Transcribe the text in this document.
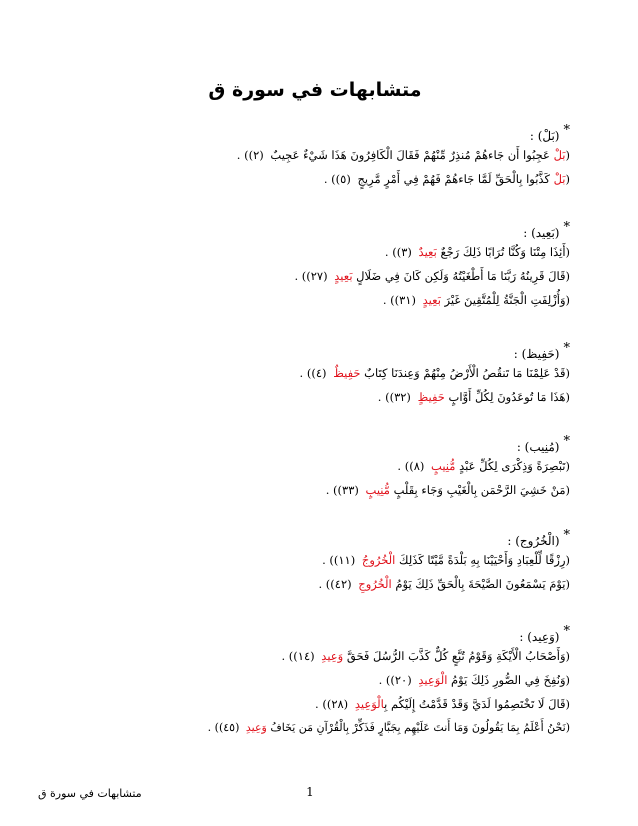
متشابهات في سورة ق
*(بَلْ) :
(بَلْ عَجِبُوا أَن جَاءهُمْ مُنذِرٌ مِّنْهُمْ فَقَالَ الْكَافِرُونَ هَذَا شَيْءٌ عَجِيبٌ (٢)) .
(بَلْ كَذَّبُوا بِالْحَقِّ لَمَّا جَاءهُمْ فَهُمْ فِي أَمْرٍ مَّرِيجٍ (٥)) .
*(بَعِيد) :
(أَئِذَا مِتْنَا وَكُنَّا تُرَابًا ذَلِكَ رَجْعٌ بَعِيدٌ (٣)) .
(قَالَ قَرِينُهُ رَبَّنَا مَا أَطْغَيْتُهُ وَلَكِن كَانَ فِي ضَلَالٍ بَعِيدٍ (٢٧)) .
(وَأُزْلِفَتِ الْجَنَّةُ لِلْمُتَّقِينَ غَيْرَ بَعِيدٍ (٣١)) .
*(حَفِيظ) :
(قَدْ عَلِمْنَا مَا تَنقُصُ الْأَرْضُ مِنْهُمْ وَعِندَنَا كِتَابٌ حَفِيظٌ (٤)) .
(هَذَا مَا تُوعَدُونَ لِكُلِّ أَوَّابٍ حَفِيظٍ (٣٢)) .
*(مُنِيب) :
(تَبْصِرَةً وَذِكْرَى لِكُلِّ عَبْدٍ مُّنِيبٍ (٨)) .
(مَنْ خَشِيَ الرَّحْمَن بِالْغَيْبِ وَجَاء بِقَلْبٍ مُّنِيبٍ (٣٣)) .
*(الْخُرُوج) :
(رِزْقًا لِّلْعِبَادِ وَأَحْيَيْنَا بِهِ بَلْدَةً مَّيْتًا كَذَلِكَ الْخُرُوجُ (١١)) .
(يَوْمَ يَسْمَعُونَ الصَّيْحَةَ بِالْحَقِّ ذَلِكَ يَوْمُ الْخُرُوجِ (٤٢)) .
*(وَعِيد) :
(وَأَصْحَابُ الْأَيْكَةِ وَقَوْمُ تُبَّعٍ كُلٌّ كَذَّبَ الرُّسُلَ فَحَقَّ وَعِيدِ (١٤)) .
(وَنُفِخَ فِي الصُّورِ ذَلِكَ يَوْمُ الْوَعِيدِ (٢٠)) .
(قَالَ لَا تَخْتَصِمُوا لَدَيَّ وَقَدْ قَدَّمْتُ إِلَيْكُم بِالْوَعِيدِ (٢٨)) .
(نَحْنُ أَعْلَمُ بِمَا يَقُولُونَ وَمَا أَنتَ عَلَيْهِم بِجَبَّارٍ فَذَكِّرْ بِالْقُرْآنِ مَن يَخَافُ وَعِيدِ (٤٥)) .
1
متشابهات في سورة ق
